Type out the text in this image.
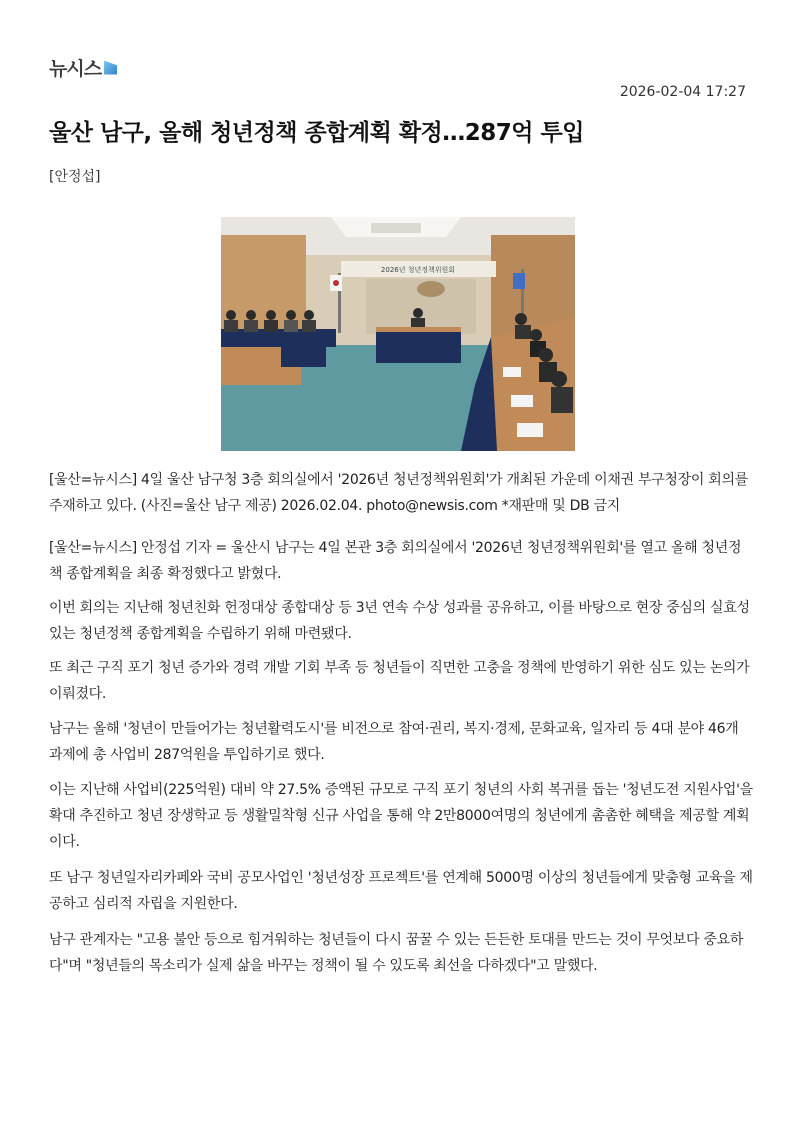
뉴시스
2026-02-04 17:27
울산 남구, 올해 청년정책 종합계획 확정…287억 투입
[안정섭]
2026년 청년정책위원회

[울산=뉴시스] 4일 울산 남구청 3층 회의실에서 '2026년 청년정책위원회'가 개최된 가운데 이채권 부구청장이 회의를 주재하고 있다. (사진=울산 남구 제공) 2026.02.04. photo@newsis.com *재판매 및 DB 금지

[울산=뉴시스] 안정섭 기자 = 울산시 남구는 4일 본관 3층 회의실에서 '2026년 청년정책위원회'를 열고 올해 청년정책 종합계획을 최종 확정했다고 밝혔다.

이번 회의는 지난해 청년친화 헌정대상 종합대상 등 3년 연속 수상 성과를 공유하고, 이를 바탕으로 현장 중심의 실효성 있는 청년정책 종합계획을 수립하기 위해 마련됐다.

또 최근 구직 포기 청년 증가와 경력 개발 기회 부족 등 청년들이 직면한 고충을 정책에 반영하기 위한 심도 있는 논의가 이뤄졌다.

남구는 올해 '청년이 만들어가는 청년활력도시'를 비전으로 참여·권리, 복지·경제, 문화교육, 일자리 등 4대 분야 46개 과제에 총 사업비 287억원을 투입하기로 했다.

이는 지난해 사업비(225억원) 대비 약 27.5% 증액된 규모로 구직 포기 청년의 사회 복귀를 돕는 '청년도전 지원사업'을 확대 추진하고 청년 장생학교 등 생활밀착형 신규 사업을 통해 약 2만8000여명의 청년에게 촘촘한 혜택을 제공할 계획이다.

또 남구 청년일자리카페와 국비 공모사업인 '청년성장 프로젝트'를 연계해 5000명 이상의 청년들에게 맞춤형 교육을 제공하고 심리적 자립을 지원한다.

남구 관계자는 "고용 불안 등으로 힘겨워하는 청년들이 다시 꿈꿀 수 있는 든든한 토대를 만드는 것이 무엇보다 중요하다"며 "청년들의 목소리가 실제 삶을 바꾸는 정책이 될 수 있도록 최선을 다하겠다"고 말했다.
